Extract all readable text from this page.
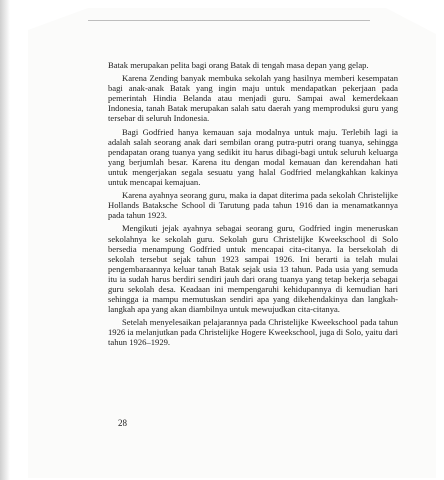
Batak merupakan pelita bagi orang Batak di tengah masa depan yang gelap.

Karena Zending banyak membuka sekolah yang hasilnya memberi kesempatan bagi anak-anak Batak yang ingin maju untuk mendapatkan pekerjaan pada pemerintah Hindia Belanda atau menjadi guru. Sampai awal kemerdekaan Indonesia, tanah Batak merupakan salah satu daerah yang memproduksi guru yang tersebar di seluruh Indonesia.

Bagi Godfried hanya kemauan saja modalnya untuk maju. Terlebih lagi ia adalah salah seorang anak dari sembilan orang putra-putri orang tuanya, sehingga pendapatan orang tuanya yang sedikit itu harus dibagi-bagi untuk seluruh keluarga yang berjumlah besar. Karena itu dengan modal kemauan dan kerendahan hati untuk mengerjakan segala sesuatu yang halal Godfried melangkahkan kakinya untuk mencapai kemajuan.

Karena ayahnya seorang guru, maka ia dapat diterima pada sekolah Christelijke Hollands Bataksche School di Tarutung pada tahun 1916 dan ia menamatkannya pada tahun 1923.

Mengikuti jejak ayahnya sebagai seorang guru, Godfried ingin meneruskan sekolahnya ke sekolah guru. Sekolah guru Christelijke Kweekschool di Solo bersedia menampung Godfried untuk mencapai cita-citanya. Ia bersekolah di sekolah tersebut sejak tahun 1923 sampai 1926. Ini berarti ia telah mulai pengembaraannya keluar tanah Batak sejak usia 13 tahun. Pada usia yang semuda itu ia sudah harus berdiri sendiri jauh dari orang tuanya yang tetap bekerja sebagai guru sekolah desa. Keadaan ini mempengaruhi kehidupannya di kemudian hari sehingga ia mampu memutuskan sendiri apa yang dikehendakinya dan langkah-langkah apa yang akan diambilnya untuk mewujudkan cita-citanya.

Setelah menyelesaikan pelajarannya pada Christelijke Kweekschool pada tahun 1926 ia melanjutkan pada Christelijke Hogere Kweekschool, juga di Solo, yaitu dari tahun 1926–1929.

28
